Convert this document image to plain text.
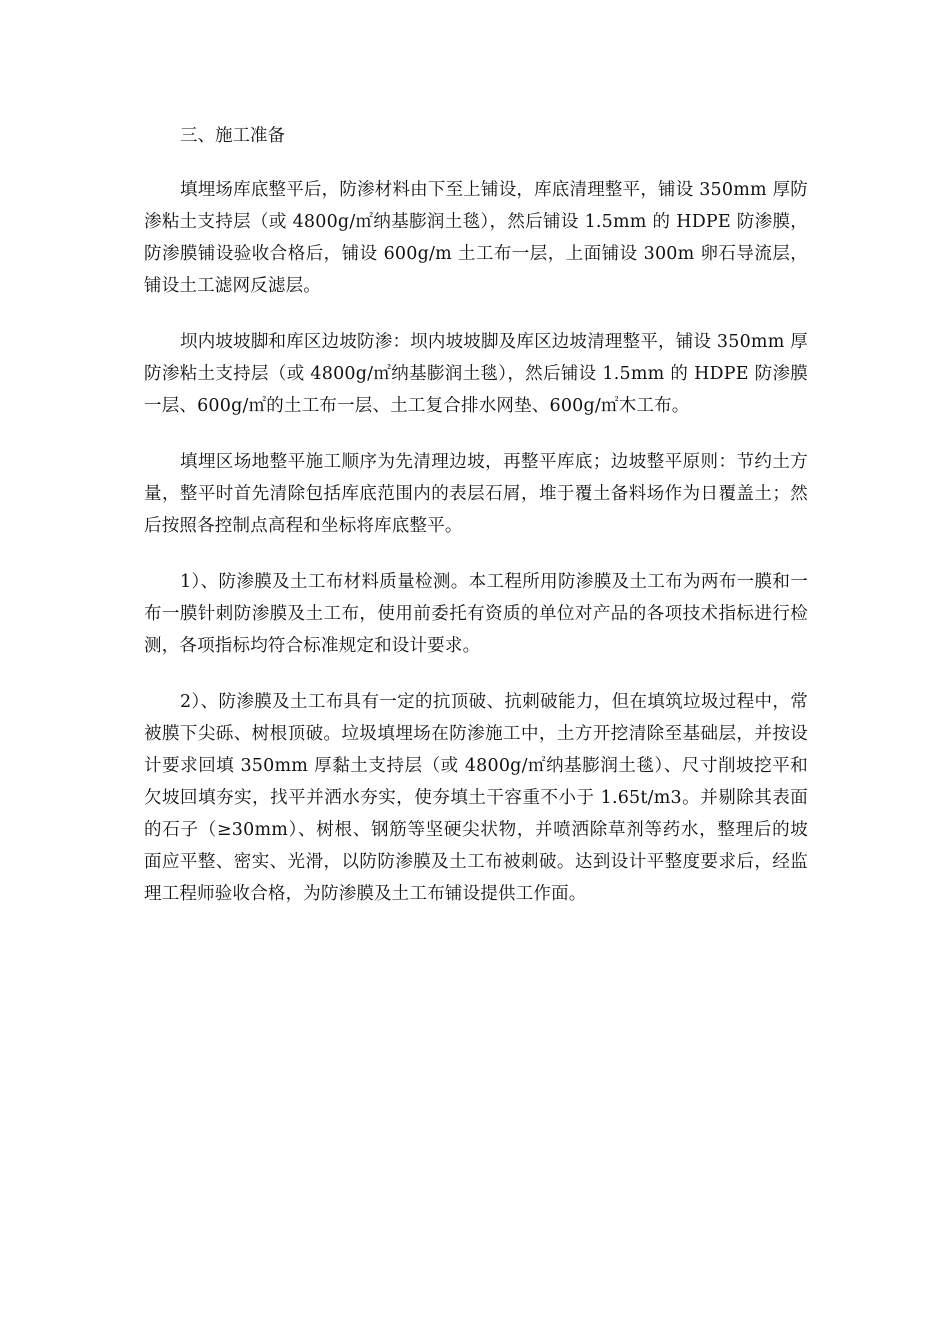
三、施工准备

填埋场库底整平后，防渗材料由下至上铺设，库底清理整平，铺设 350mm 厚防渗粘土支持层（或 4800g/㎡纳基膨润土毯），然后铺设 1.5mm 的 HDPE 防渗膜，防渗膜铺设验收合格后，铺设 600g/m 土工布一层，上面铺设 300m 卵石导流层，铺设土工滤网反滤层。

坝内坡坡脚和库区边坡防渗：坝内坡坡脚及库区边坡清理整平，铺设 350mm 厚防渗粘土支持层（或 4800g/㎡纳基膨润土毯），然后铺设 1.5mm 的 HDPE 防渗膜一层、600g/㎡的土工布一层、土工复合排水网垫、600g/㎡木工布。

填埋区场地整平施工顺序为先清理边坡，再整平库底；边坡整平原则：节约土方量，整平时首先清除包括库底范围内的表层石屑，堆于覆土备料场作为日覆盖土；然后按照各控制点高程和坐标将库底整平。

1）、防渗膜及土工布材料质量检测。本工程所用防渗膜及土工布为两布一膜和一布一膜针刺防渗膜及土工布，使用前委托有资质的单位对产品的各项技术指标进行检测，各项指标均符合标准规定和设计要求。

2）、防渗膜及土工布具有一定的抗顶破、抗刺破能力，但在填筑垃圾过程中，常被膜下尖砾、树根顶破。垃圾填埋场在防渗施工中，土方开挖清除至基础层，并按设计要求回填 350mm 厚黏土支持层（或 4800g/㎡纳基膨润土毯）、尺寸削坡挖平和欠坡回填夯实，找平并洒水夯实，使夯填土干容重不小于 1.65t/m3。并剔除其表面的石子（≥30mm）、树根、钢筋等坚硬尖状物，并喷洒除草剂等药水，整理后的坡面应平整、密实、光滑，以防防渗膜及土工布被刺破。达到设计平整度要求后，经监理工程师验收合格，为防渗膜及土工布铺设提供工作面。
